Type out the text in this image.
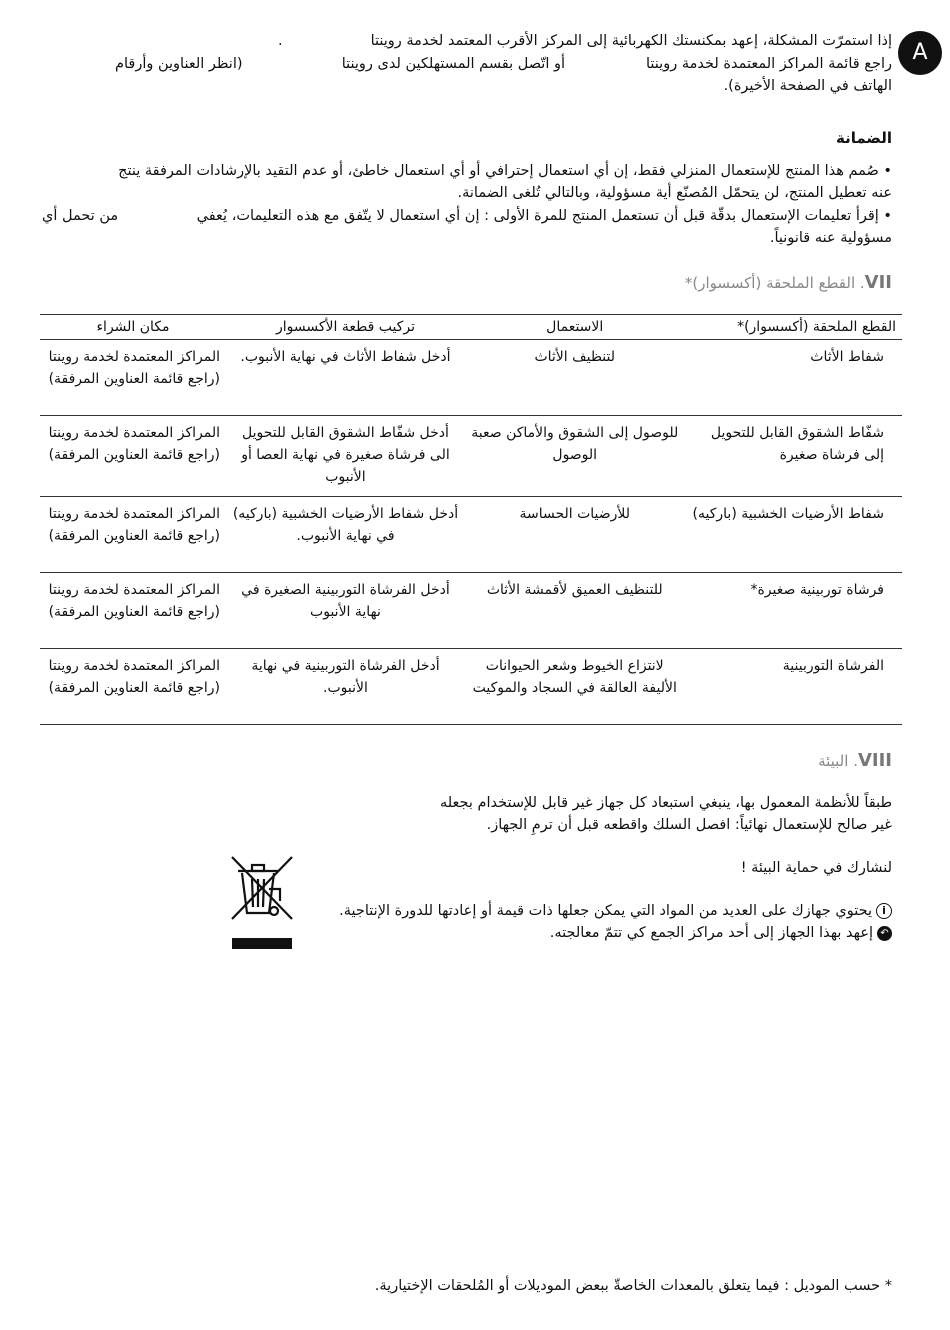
A
إذا استمرّت المشكلة، إعهد بمكنستك الكهربائية إلى المركز الأقرب المعتمد لخدمة روينتا
.
راجع قائمة المراكز المعتمدة لخدمة روينتا
أو اتّصل بقسم المستهلكين لدى روينتا
(انظر العناوين وأرقام
الهاتف في الصفحة الأخيرة).
الضمانة
• صُمم هذا المنتج للإستعمال المنزلي فقط، إن أي استعمال إحترافي أو أي استعمال خاطئ، أو عدم التقيد بالإرشادات المرفقة ينتج
عنه تعطيل المنتج، لن يتحمّل المُصنّع أية مسؤولية، وبالتالي تُلغى الضمانة.
• إقرأ تعليمات الإستعمال بدقّة قبل أن تستعمل المنتج للمرة الأولى : إن أي استعمال لا يتّفق مع هذه التعليمات، يُعفي
من تحمل أي
مسؤولية عنه قانونياً.
VII. القطع الملحقة (أكسسوار)*
القطع الملحقة (أكسسوار)*	الاستعمال	تركيب قطعة الأكسسوار	مكان الشراء
شفاط الأثاث	لتنظيف الأثاث	أدخل شفاط الأثاث في نهاية الأنبوب.	المراكز المعتمدة لخدمة روينتا (راجع قائمة العناوين المرفقة)
شفّاط الشقوق القابل للتحويل إلى فرشاة صغيرة	للوصول إلى الشقوق والأماكن صعبة الوصول	أدخل شفّاط الشقوق القابل للتحويل الى فرشاة صغيرة في نهاية العصا أو الأنبوب	المراكز المعتمدة لخدمة روينتا (راجع قائمة العناوين المرفقة)
شفاط الأرضيات الخشبية (باركيه)	للأرضيات الحساسة	أدخل شفاط الأرضيات الخشبية (باركيه) في نهاية الأنبوب.	المراكز المعتمدة لخدمة روينتا (راجع قائمة العناوين المرفقة)
فرشاة توربينية صغيرة*	للتنظيف العميق لأقمشة الأثاث	أدخل الفرشاة التوربينية الصغيرة في نهاية الأنبوب	المراكز المعتمدة لخدمة روينتا (راجع قائمة العناوين المرفقة)
الفرشاة التوربينية	لانتزاع الخيوط وشعر الحيوانات الأليفة العالقة في السجاد والموكيت	أدخل الفرشاة التوربينية في نهاية الأنبوب.	المراكز المعتمدة لخدمة روينتا (راجع قائمة العناوين المرفقة)
VIII. البيئة
طبقاً للأنظمة المعمول بها، ينبغي استبعاد كل جهاز غير قابل للإستخدام بجعله
غير صالح للإستعمال نهائياً: افصل السلك واقطعه قبل أن ترمِ الجهاز.
لنشارك في حماية البيئة !
iيحتوي جهازك على العديد من المواد التي يمكن جعلها ذات قيمة أو إعادتها للدورة الإنتاجية.
↶إعهد بهذا الجهاز إلى أحد مراكز الجمع كي تتمّ معالجته.
* حسب الموديل : فيما يتعلق بالمعدات الخاصةّ ببعض الموديلات أو المُلحقات الإختيارية.
